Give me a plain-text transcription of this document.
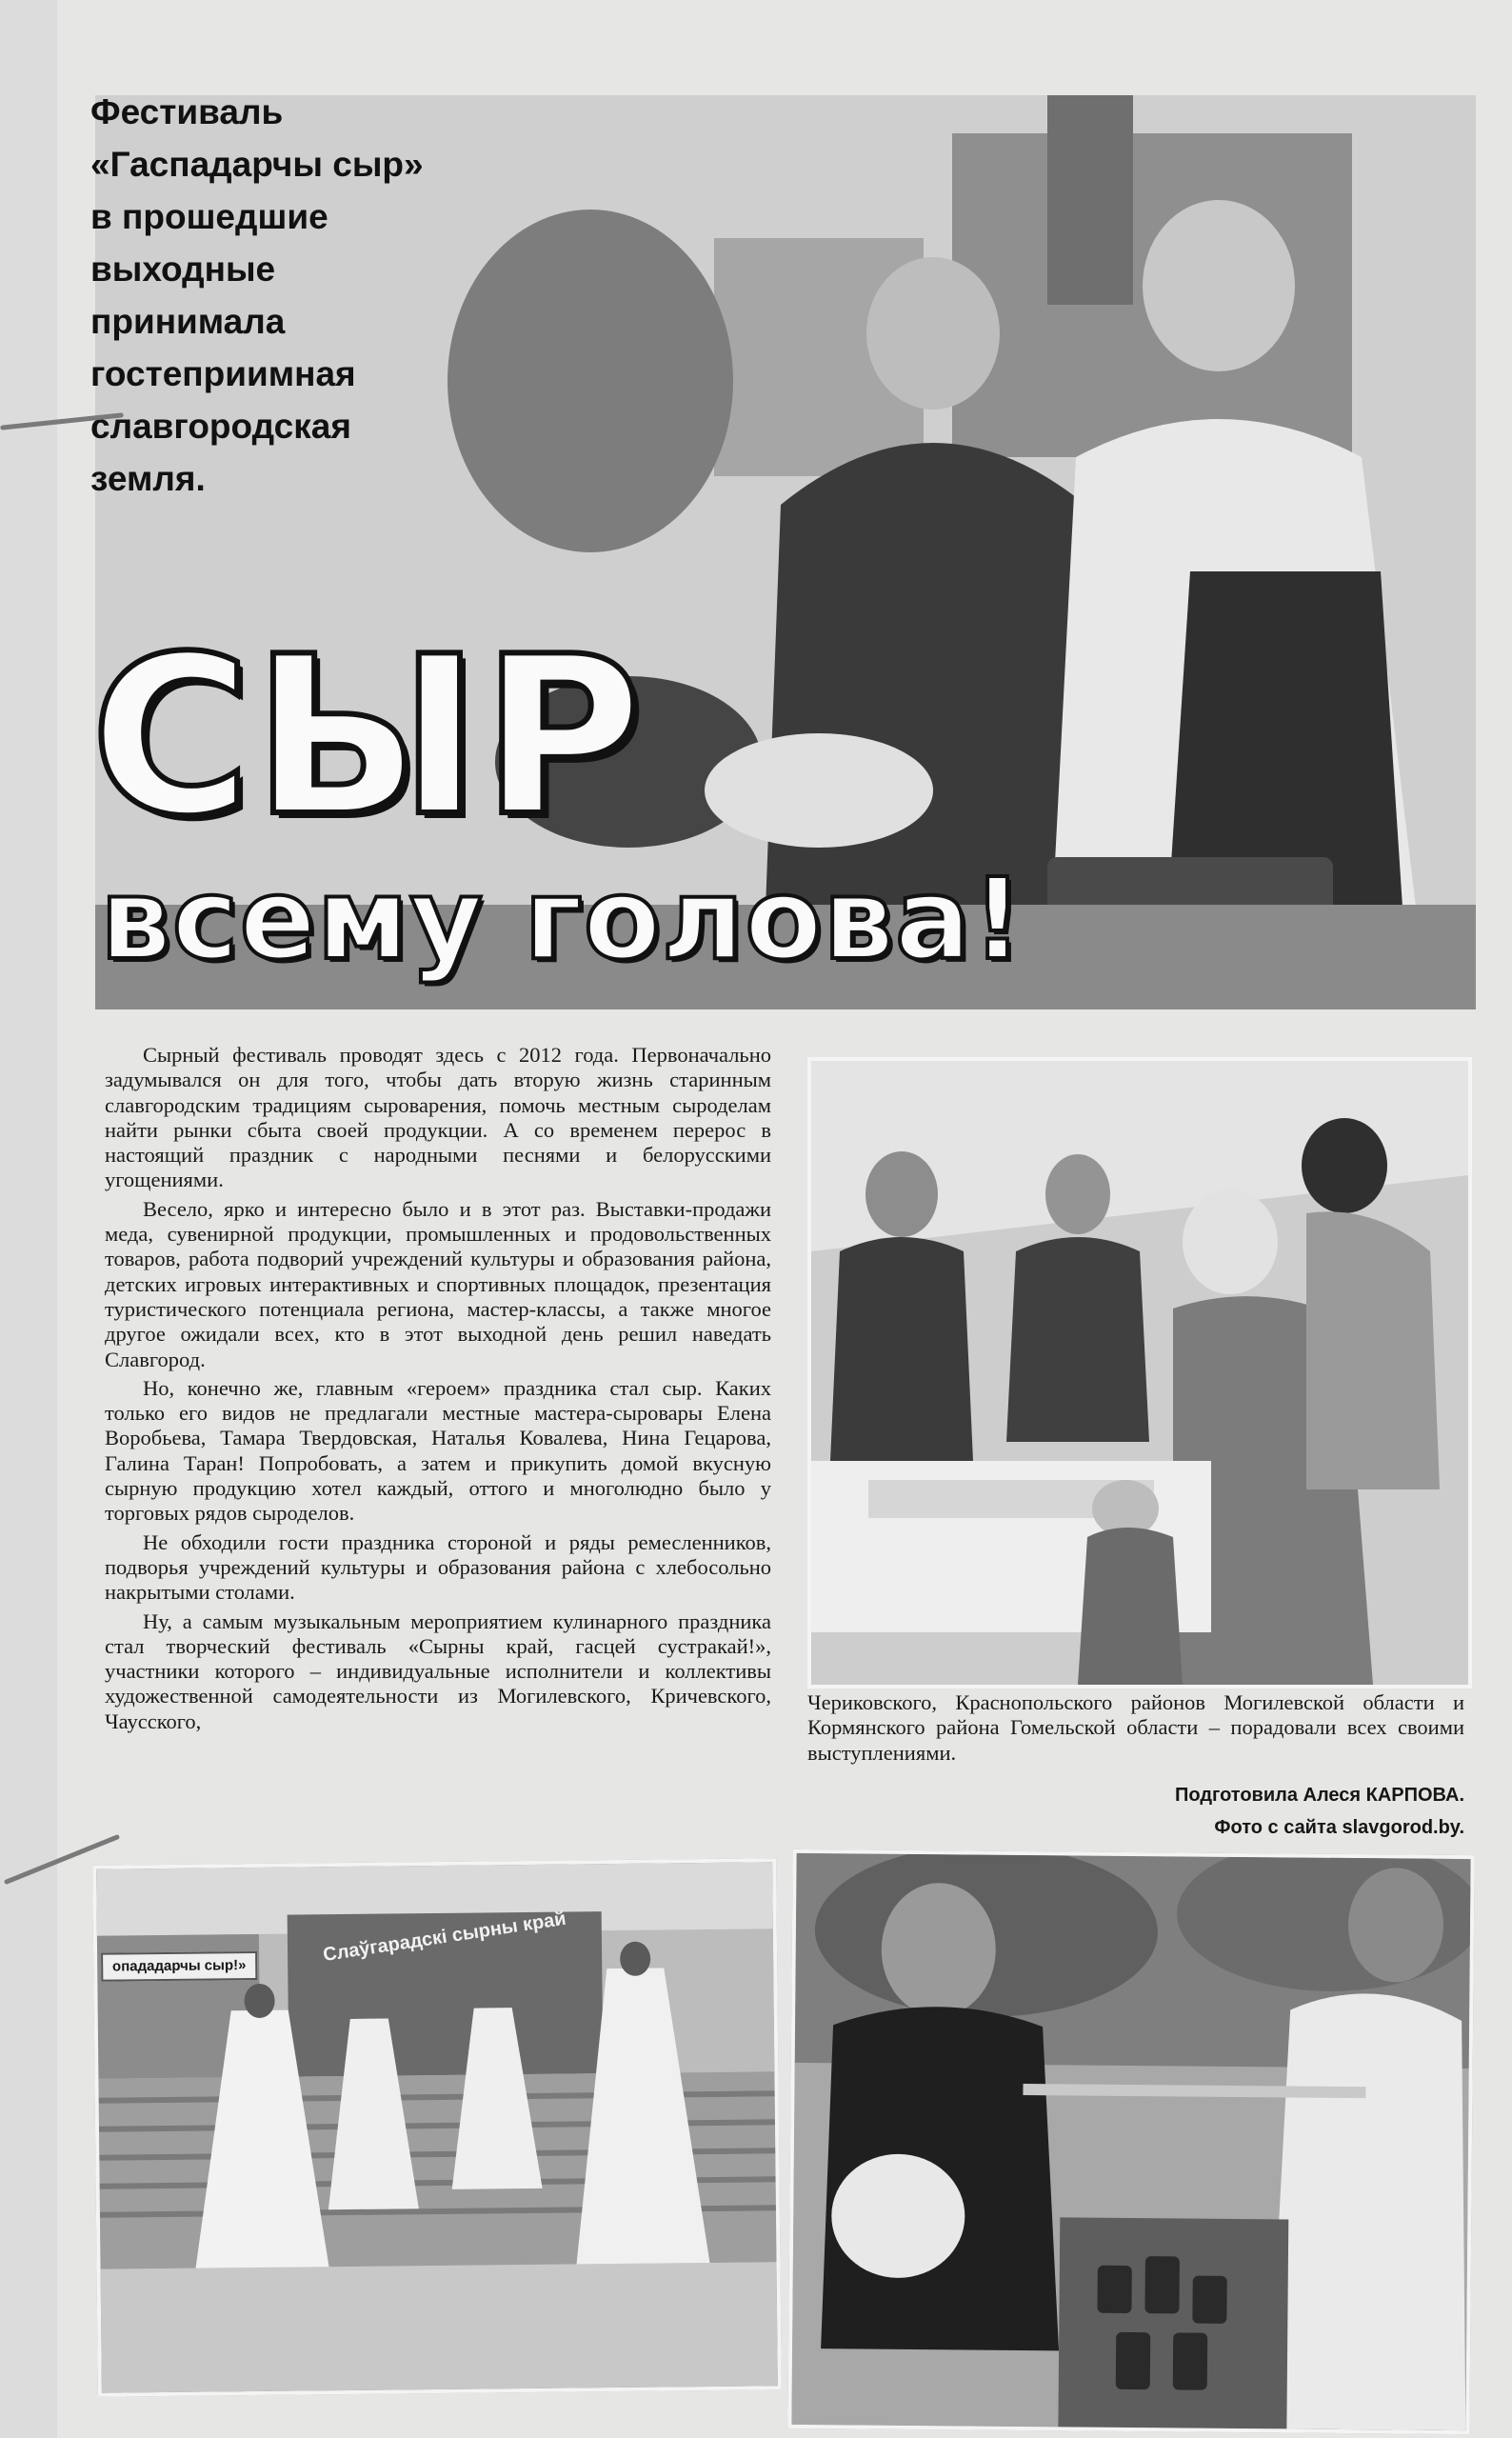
Фестиваль
«Гаспадарчы сыр»
в прошедшие
выходные
принимала
гостеприимная
славгородская
земля.
СЫР
всему голова!

Сырный фестиваль проводят здесь с 2012 года. Первоначально задумывался он для того, чтобы дать вторую жизнь старинным славгородским традициям сыроварения, помочь местным сыроделам найти рынки сбыта своей продукции. А со временем перерос в настоящий праздник с народными песнями и белорусскими угощениями.

Весело, ярко и интересно было и в этот раз. Выставки-продажи меда, сувенирной продукции, промышленных и продовольственных товаров, работа подворий учреждений культуры и образования района, детских игровых интерактивных и спортивных площадок, презентация туристического потенциала региона, мастер-классы, а также многое другое ожидали всех, кто в этот выходной день решил наведать Славгород.

Но, конечно же, главным «героем» праздника стал сыр. Каких только его видов не предлагали местные мастера-сыровары Елена Воробьева, Тамара Твердовская, Наталья Ковалева, Нина Гецарова, Галина Таран! Попробовать, а затем и прикупить домой вкусную сырную продукцию хотел каждый, оттого и многолюдно было у торговых рядов сыроделов.

Не обходили гости праздника стороной и ряды ремесленников, подворья учреждений культуры и образования района с хлебосольно накрытыми столами.

Ну, а самым музыкальным мероприятием кулинарного праздника стал творческий фестиваль «Сырны край, гасцей сустракай!», участники которого – индивидуальные исполнители и коллективы художественной самодеятельности из Могилевского, Кричевского, Чаусского,

Чериковского, Краснопольского районов Могилевской области и Кормянского района Гомельской области – порадовали всех своими выступлениями.

Подготовила Алеся КАРПОВА.
Фото с сайта slavgorod.by.
опададарчы сыр!»
Слаўгарадскі сырны край
